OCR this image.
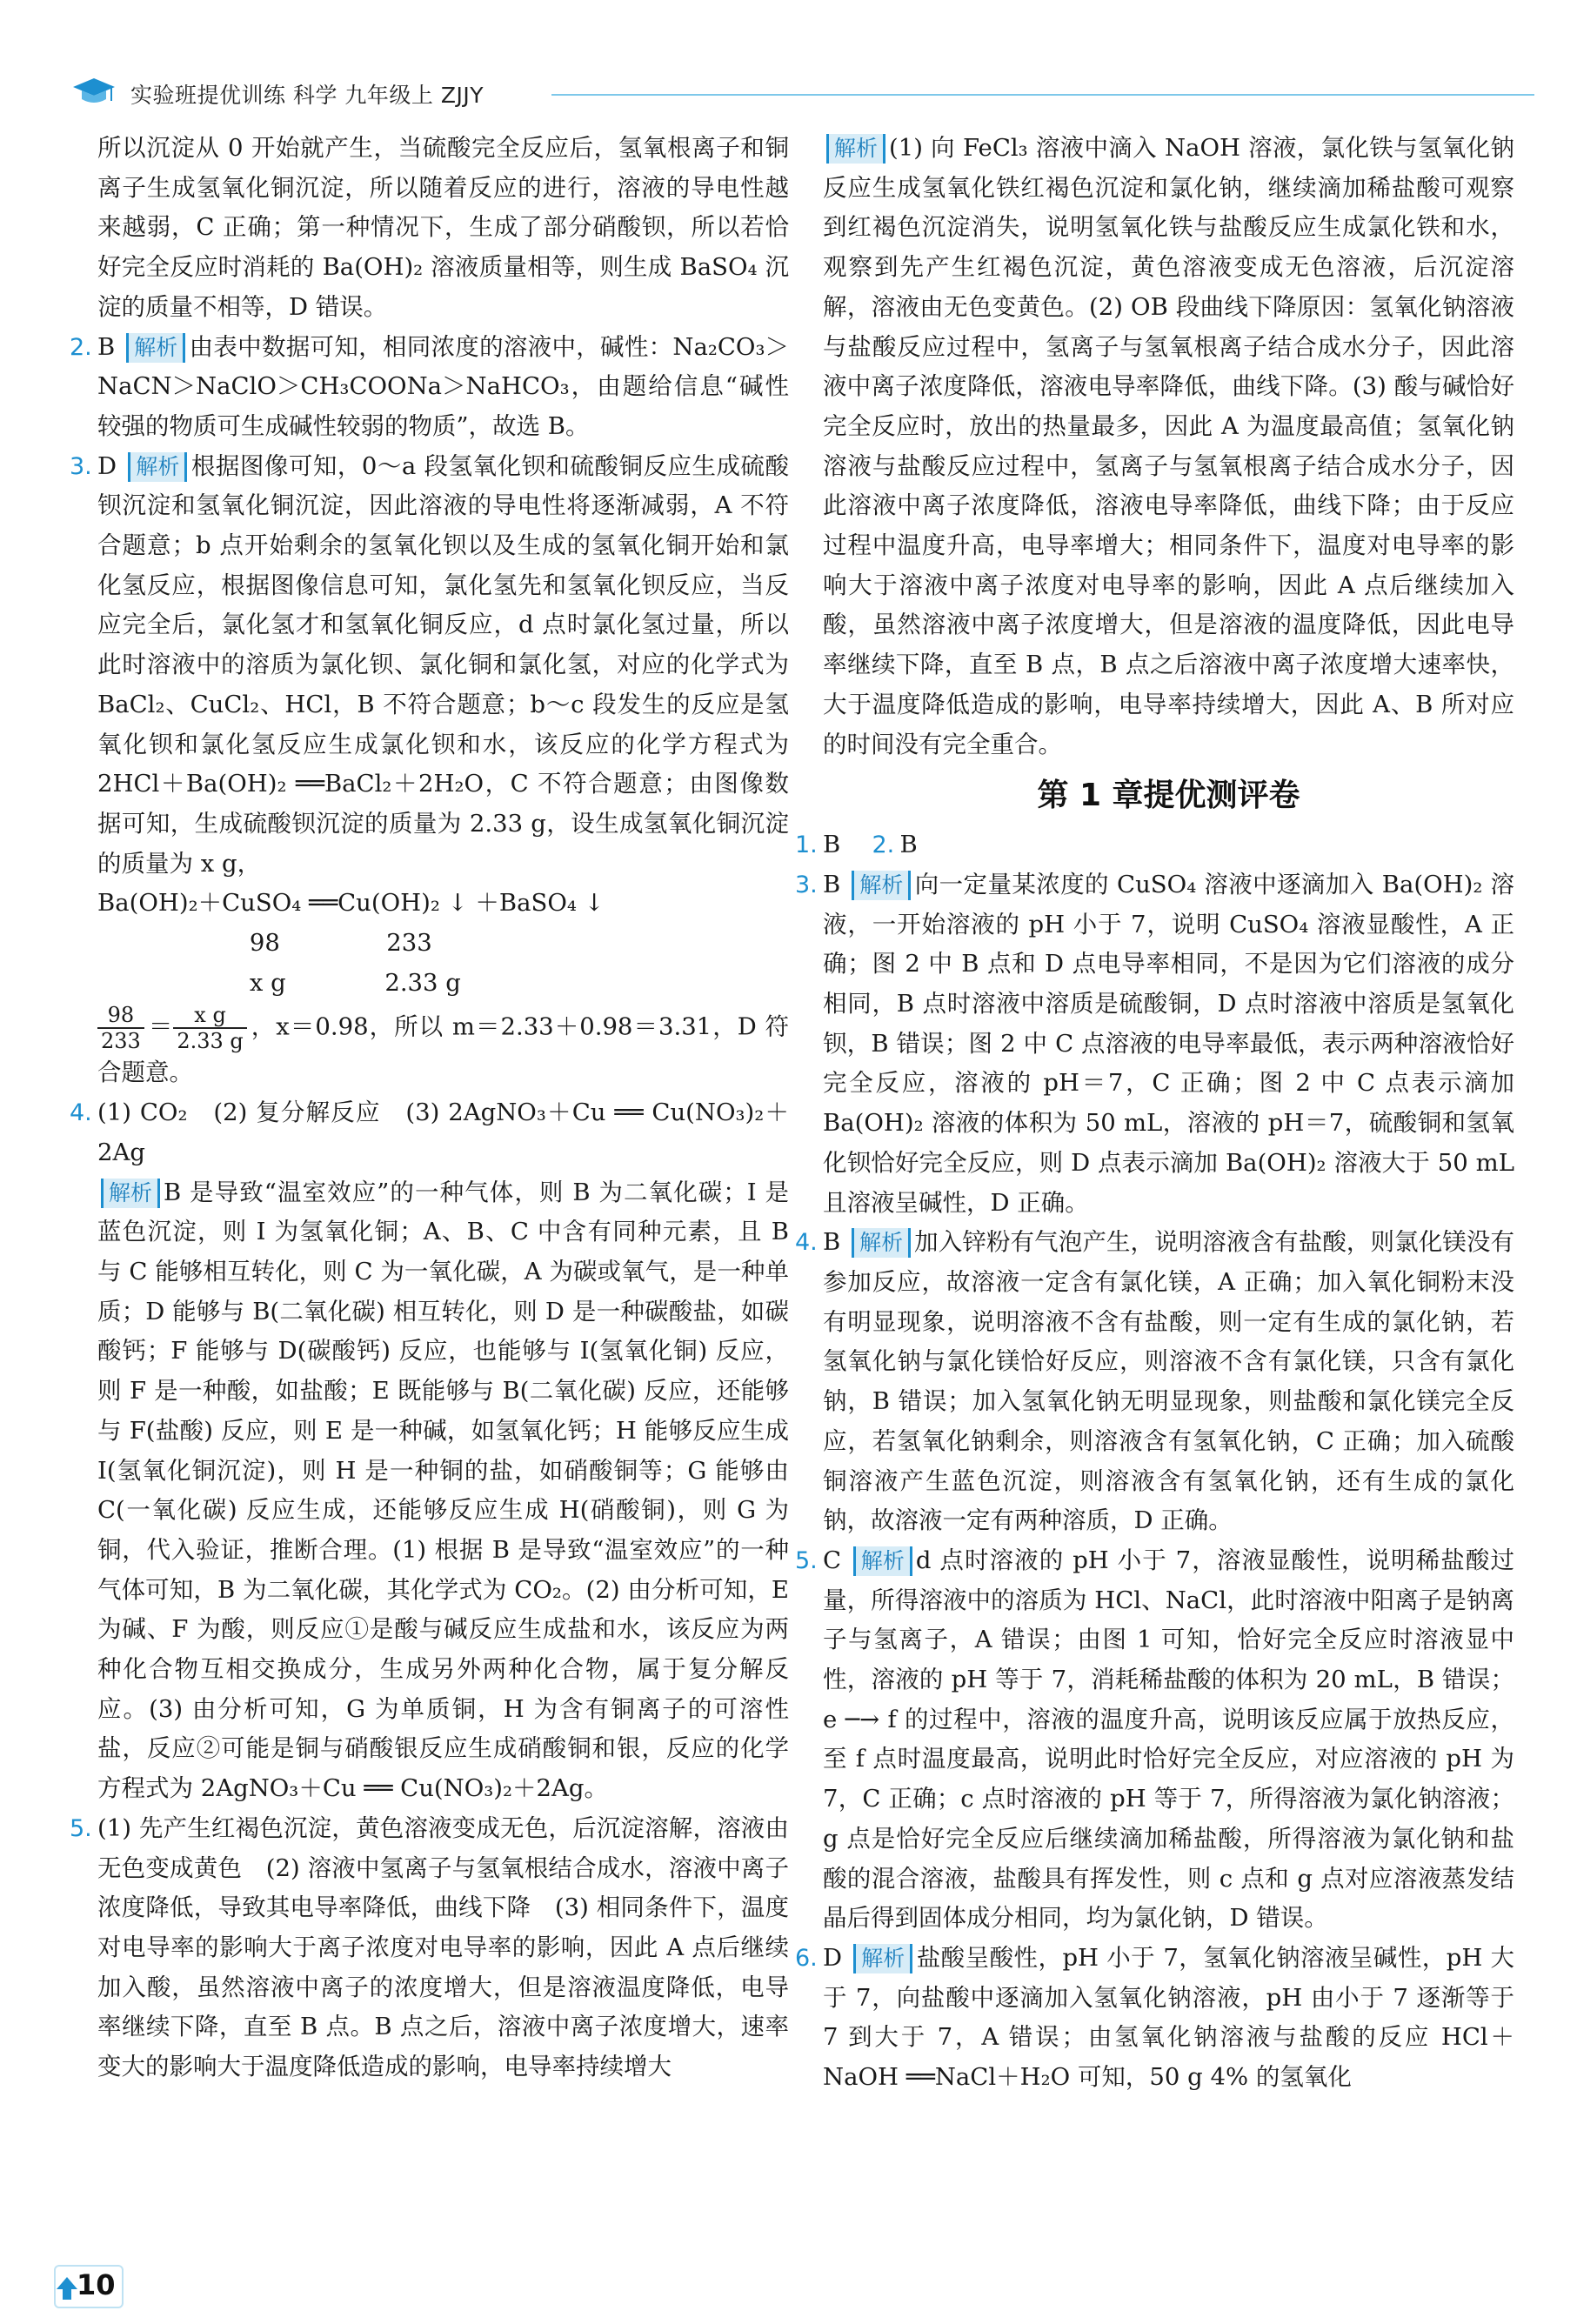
实验班提优训练 科学 九年级上 ZJJY

所以沉淀从 0 开始就产生，当硫酸完全反应后，氢氧根离子和铜离子生成氢氧化铜沉淀，所以随着反应的进行，溶液的导电性越来越弱，C 正确；第一种情况下，生成了部分硝酸钡，所以若恰好完全反应时消耗的 Ba(OH)₂ 溶液质量相等，则生成 BaSO₄ 沉淀的质量不相等，D 错误。

2. B 解析 由表中数据可知，相同浓度的溶液中，碱性：Na₂CO₃＞NaCN＞NaClO＞CH₃COONa＞NaHCO₃，由题给信息“碱性较强的物质可生成碱性较弱的物质”，故选 B。

3. D 解析 根据图像可知，0～a 段氢氧化钡和硫酸铜反应生成硫酸钡沉淀和氢氧化铜沉淀，因此溶液的导电性将逐渐减弱，A 不符合题意；b 点开始剩余的氢氧化钡以及生成的氢氧化铜开始和氯化氢反应，根据图像信息可知，氯化氢先和氢氧化钡反应，当反应完全后，氯化氢才和氢氧化铜反应，d 点时氯化氢过量，所以此时溶液中的溶质为氯化钡、氯化铜和氯化氢，对应的化学式为 BaCl₂、CuCl₂、HCl，B 不符合题意；b～c 段发生的反应是氢氧化钡和氯化氢反应生成氯化钡和水，该反应的化学方程式为 2HCl＋Ba(OH)₂ ══BaCl₂＋2H₂O，C 不符合题意；由图像数据可知，生成硫酸钡沉淀的质量为 2.33 g，设生成氢氧化铜沉淀的质量为 x g，

Ba(OH)₂＋CuSO₄ ══Cu(OH)₂ ↓ ＋BaSO₄ ↓

98              233

x g             2.33 g

$\frac{98}{233} = \frac{\text{x g}}{2.33 g}$ ，x＝0.98，所以 m＝2.33＋0.98＝3.31，D 符合题意。

4. (1) CO₂　(2) 复分解反应　(3) 2AgNO₃＋Cu ══ Cu(NO₃)₂＋2Ag

解析 B 是导致“温室效应”的一种气体，则 B 为二氧化碳；I 是蓝色沉淀，则 I 为氢氧化铜；A、B、C 中含有同种元素，且 B 与 C 能够相互转化，则 C 为一氧化碳，A 为碳或氧气，是一种单质；D 能够与 B(二氧化碳) 相互转化，则 D 是一种碳酸盐，如碳酸钙；F 能够与 D(碳酸钙) 反应，也能够与 I(氢氧化铜) 反应，则 F 是一种酸，如盐酸；E 既能够与 B(二氧化碳) 反应，还能够与 F(盐酸) 反应，则 E 是一种碱，如氢氧化钙；H 能够反应生成 I(氢氧化铜沉淀)，则 H 是一种铜的盐，如硝酸铜等；G 能够由 C(一氧化碳) 反应生成，还能够反应生成 H(硝酸铜)，则 G 为铜，代入验证，推断合理。(1) 根据 B 是导致“温室效应”的一种气体可知，B 为二氧化碳，其化学式为 CO₂。(2) 由分析可知，E 为碱、F 为酸，则反应①是酸与碱反应生成盐和水，该反应为两种化合物互相交换成分，生成另外两种化合物，属于复分解反应。(3) 由分析可知，G 为单质铜，H 为含有铜离子的可溶性盐，反应②可能是铜与硝酸银反应生成硝酸铜和银，反应的化学方程式为 2AgNO₃＋Cu ══ Cu(NO₃)₂＋2Ag。

5. (1) 先产生红褐色沉淀，黄色溶液变成无色，后沉淀溶解，溶液由无色变成黄色　(2) 溶液中氢离子与氢氧根结合成水，溶液中离子浓度降低，导致其电导率降低，曲线下降　(3) 相同条件下，温度对电导率的影响大于离子浓度对电导率的影响，因此 A 点后继续加入酸，虽然溶液中离子的浓度增大，但是溶液温度降低，电导率继续下降，直至 B 点。B 点之后，溶液中离子浓度增大，速率变大的影响大于温度降低造成的影响，电导率持续增大

解析 (1) 向 FeCl₃ 溶液中滴入 NaOH 溶液，氯化铁与氢氧化钠反应生成氢氧化铁红褐色沉淀和氯化钠，继续滴加稀盐酸可观察到红褐色沉淀消失，说明氢氧化铁与盐酸反应生成氯化铁和水，观察到先产生红褐色沉淀，黄色溶液变成无色溶液，后沉淀溶解，溶液由无色变黄色。(2) OB 段曲线下降原因：氢氧化钠溶液与盐酸反应过程中，氢离子与氢氧根离子结合成水分子，因此溶液中离子浓度降低，溶液电导率降低，曲线下降。(3) 酸与碱恰好完全反应时，放出的热量最多，因此 A 为温度最高值；氢氧化钠溶液与盐酸反应过程中，氢离子与氢氧根离子结合成水分子，因此溶液中离子浓度降低，溶液电导率降低，曲线下降；由于反应过程中温度升高，电导率增大；相同条件下，温度对电导率的影响大于溶液中离子浓度对电导率的影响，因此 A 点后继续加入酸，虽然溶液中离子浓度增大，但是溶液的温度降低，因此电导率继续下降，直至 B 点，B 点之后溶液中离子浓度增大速率快，大于温度降低造成的影响，电导率持续增大，因此 A、B 所对应的时间没有完全重合。

第 1 章提优测评卷

1. B 　 2. B

3. B 解析 向一定量某浓度的 CuSO₄ 溶液中逐滴加入 Ba(OH)₂ 溶液，一开始溶液的 pH 小于 7，说明 CuSO₄ 溶液显酸性，A 正确；图 2 中 B 点和 D 点电导率相同，不是因为它们溶液的成分相同，B 点时溶液中溶质是硫酸铜，D 点时溶液中溶质是氢氧化钡，B 错误；图 2 中 C 点溶液的电导率最低，表示两种溶液恰好完全反应，溶液的 pH＝7，C 正确；图 2 中 C 点表示滴加 Ba(OH)₂ 溶液的体积为 50 mL，溶液的 pH＝7，硫酸铜和氢氧化钡恰好完全反应，则 D 点表示滴加 Ba(OH)₂ 溶液大于 50 mL 且溶液呈碱性，D 正确。

4. B 解析 加入锌粉有气泡产生，说明溶液含有盐酸，则氯化镁没有参加反应，故溶液一定含有氯化镁，A 正确；加入氧化铜粉末没有明显现象，说明溶液不含有盐酸，则一定有生成的氯化钠，若氢氧化钠与氯化镁恰好反应，则溶液不含有氯化镁，只含有氯化钠，B 错误；加入氢氧化钠无明显现象，则盐酸和氯化镁完全反应，若氢氧化钠剩余，则溶液含有氢氧化钠，C 正确；加入硫酸铜溶液产生蓝色沉淀，则溶液含有氢氧化钠，还有生成的氯化钠，故溶液一定有两种溶质，D 正确。

5. C 解析 d 点时溶液的 pH 小于 7，溶液显酸性，说明稀盐酸过量，所得溶液中的溶质为 HCl、NaCl，此时溶液中阳离子是钠离子与氢离子，A 错误；由图 1 可知，恰好完全反应时溶液显中性，溶液的 pH 等于 7，消耗稀盐酸的体积为 20 mL，B 错误；e ─→ f 的过程中，溶液的温度升高，说明该反应属于放热反应，至 f 点时温度最高，说明此时恰好完全反应，对应溶液的 pH 为 7，C 正确；c 点时溶液的 pH 等于 7，所得溶液为氯化钠溶液；g 点是恰好完全反应后继续滴加稀盐酸，所得溶液为氯化钠和盐酸的混合溶液，盐酸具有挥发性，则 c 点和 g 点对应溶液蒸发结晶后得到固体成分相同，均为氯化钠，D 错误。

6. D 解析 盐酸呈酸性，pH 小于 7，氢氧化钠溶液呈碱性，pH 大于 7，向盐酸中逐滴加入氢氧化钠溶液，pH 由小于 7 逐渐等于 7 到大于 7，A 错误；由氢氧化钠溶液与盐酸的反应 HCl＋NaOH ══NaCl＋H₂O 可知，50 g 4% 的氢氧化

10
